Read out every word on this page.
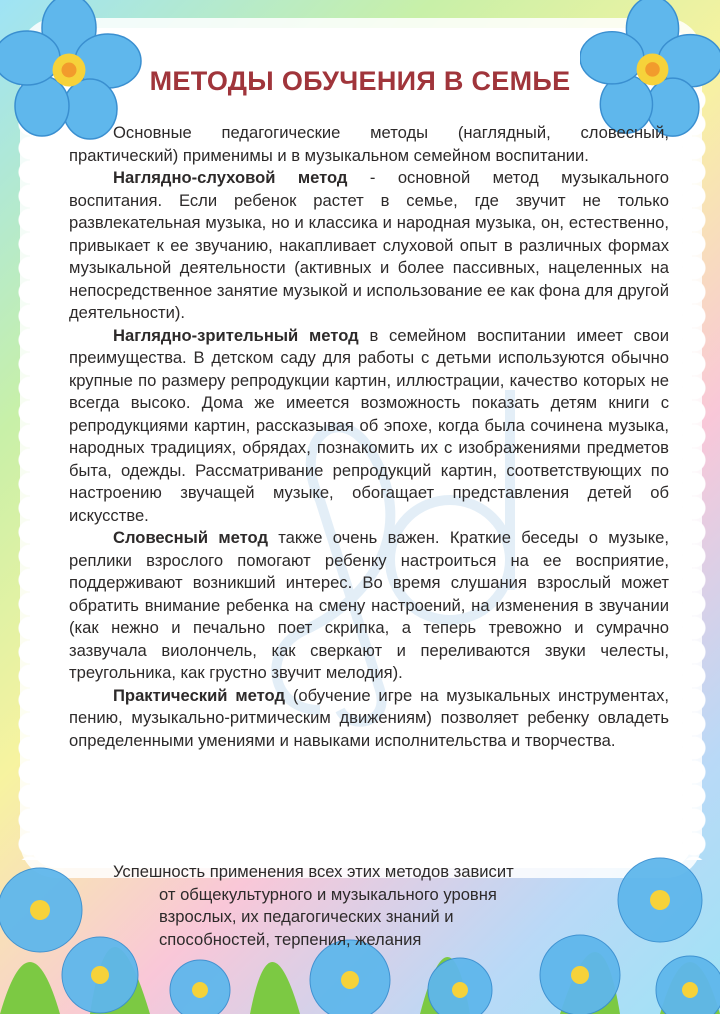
МЕТОДЫ ОБУЧЕНИЯ В СЕМЬЕ

Основные педагогические методы (наглядный, словесный, практический) применимы и в музыкальном семейном воспитании.

Наглядно-слуховой метод - основной метод музыкального воспитания. Если ребенок растет в семье, где звучит не только развлекательная музыка, но и классика и народная музыка, он, естественно, привыкает к ее звучанию, накапливает слуховой опыт в различных формах музыкальной деятельности (активных и более пассивных, нацеленных на непосредственное занятие музыкой и использование ее как фона для другой деятельности).

Наглядно-зрительный метод в семейном воспитании имеет свои преимущества. В детском саду для работы с детьми используются обычно крупные по размеру репродукции картин, иллюстрации, качество которых не всегда высоко. Дома же имеется возможность показать детям книги с репродукциями картин, рассказывая об эпохе, когда была сочинена музыка, народных традициях, обрядах, познакомить их с изображениями предметов быта, одежды. Рассматривание репродукций картин, соответствующих по настроению звучащей музыке, обогащает представления детей об искусстве.

Словесный метод также очень важен. Краткие беседы о музыке, реплики взрослого помогают ребенку настроиться на ее восприятие, поддерживают возникший интерес. Во время слушания взрослый может обратить внимание ребенка на смену настроений, на изменения в звучании (как нежно и печально поет скрипка, а теперь тревожно и сумрачно зазвучала виолончель, как сверкают и переливаются звуки челесты, треугольника, как грустно звучит мелодия).

Практический метод (обучение игре на музыкальных инструментах, пению, музыкально-ритмическим движениям) позволяет ребенку овладеть определенными умениями и навыками исполнительства и творчества.

Успешность применения всех этих методов зависит
от общекультурного и музыкального уровня
взрослых, их педагогических знаний и
способностей, терпения, желания
